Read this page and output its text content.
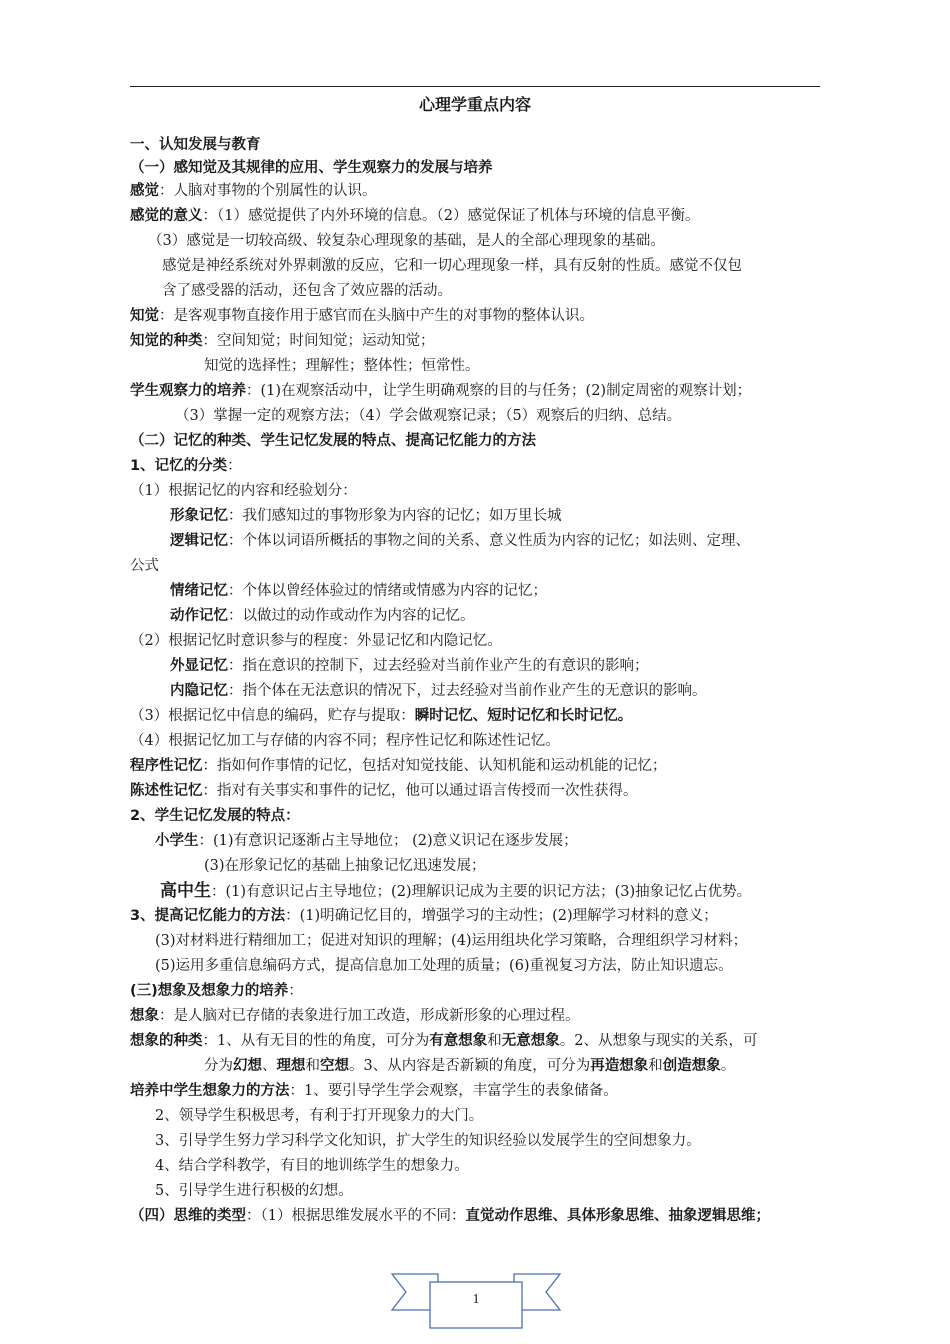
心理学重点内容
一、认知发展与教育
（一）感知觉及其规律的应用、学生观察力的发展与培养
感觉：人脑对事物的个别属性的认识。
感觉的意义：（1）感觉提供了内外环境的信息。（2）感觉保证了机体与环境的信息平衡。
（3）感觉是一切较高级、较复杂心理现象的基础，是人的全部心理现象的基础。
感觉是神经系统对外界刺激的反应，它和一切心理现象一样，具有反射的性质。感觉不仅包
含了感受器的活动，还包含了效应器的活动。
知觉：是客观事物直接作用于感官而在头脑中产生的对事物的整体认识。
知觉的种类：空间知觉；时间知觉；运动知觉；
知觉的选择性；理解性；整体性；恒常性。
学生观察力的培养：(1)在观察活动中，让学生明确观察的目的与任务；(2)制定周密的观察计划；
（3）掌握一定的观察方法；（4）学会做观察记录；（5）观察后的归纳、总结。
（二）记忆的种类、学生记忆发展的特点、提高记忆能力的方法
1、记忆的分类：
（1）根据记忆的内容和经验划分：
形象记忆：我们感知过的事物形象为内容的记忆；如万里长城
逻辑记忆：个体以词语所概括的事物之间的关系、意义性质为内容的记忆；如法则、定理、
公式
情绪记忆：个体以曾经体验过的情绪或情感为内容的记忆；
动作记忆：以做过的动作或动作为内容的记忆。
（2）根据记忆时意识参与的程度：外显记忆和内隐记忆。
外显记忆：指在意识的控制下，过去经验对当前作业产生的有意识的影响；
内隐记忆：指个体在无法意识的情况下，过去经验对当前作业产生的无意识的影响。
（3）根据记忆中信息的编码，贮存与提取：瞬时记忆、短时记忆和长时记忆。
（4）根据记忆加工与存储的内容不同；程序性记忆和陈述性记忆。
程序性记忆：指如何作事情的记忆，包括对知觉技能、认知机能和运动机能的记忆；
陈述性记忆：指对有关事实和事件的记忆，他可以通过语言传授而一次性获得。
2、学生记忆发展的特点：
小学生：(1)有意识记逐渐占主导地位； (2)意义识记在逐步发展；
(3)在形象记忆的基础上抽象记忆迅速发展；
高中生：(1)有意识记占主导地位；(2)理解识记成为主要的识记方法；(3)抽象记忆占优势。
3、提高记忆能力的方法：(1)明确记忆目的，增强学习的主动性；(2)理解学习材料的意义；
(3)对材料进行精细加工；促进对知识的理解；(4)运用组块化学习策略，合理组织学习材料；
(5)运用多重信息编码方式，提高信息加工处理的质量；(6)重视复习方法，防止知识遗忘。
(三)想象及想象力的培养：
想象：是人脑对已存储的表象进行加工改造，形成新形象的心理过程。
想象的种类：1、从有无目的性的角度，可分为有意想象和无意想象。2、从想象与现实的关系，可
分为幻想、理想和空想。3、从内容是否新颖的角度，可分为再造想象和创造想象。
培养中学生想象力的方法：1、要引导学生学会观察，丰富学生的表象储备。
2、领导学生积极思考，有利于打开现象力的大门。
3、引导学生努力学习科学文化知识，扩大学生的知识经验以发展学生的空间想象力。
4、结合学科教学，有目的地训练学生的想象力。
5、引导学生进行积极的幻想。
（四）思维的类型：（1）根据思维发展水平的不同：直觉动作思维、具体形象思维、抽象逻辑思维；
1
